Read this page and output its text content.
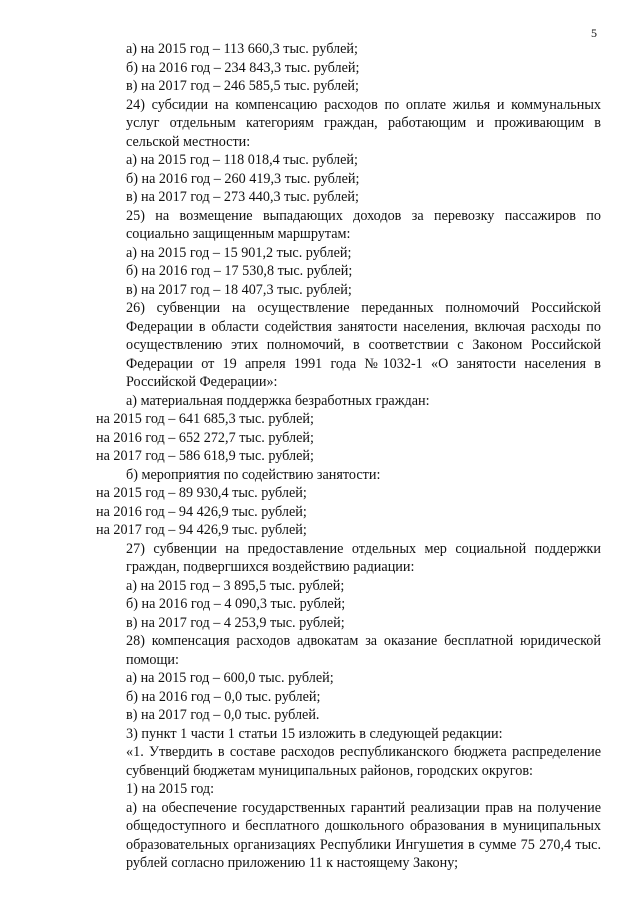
5
а) на 2015 год – 113 660,3 тыс. рублей;
б) на 2016 год – 234 843,3 тыс. рублей;
в) на 2017 год – 246 585,5 тыс. рублей;
24) субсидии на компенсацию расходов по оплате жилья и коммунальных услуг отдельным категориям граждан, работающим и проживающим в сельской местности:
а) на 2015 год – 118 018,4 тыс. рублей;
б) на 2016 год – 260 419,3 тыс. рублей;
в) на 2017 год – 273 440,3 тыс. рублей;
25) на возмещение выпадающих доходов за перевозку пассажиров по социально защищенным маршрутам:
а) на 2015 год – 15 901,2 тыс. рублей;
б) на 2016 год – 17 530,8 тыс. рублей;
в) на 2017 год – 18 407,3 тыс. рублей;
26) субвенции на осуществление переданных полномочий Российской Федерации в области содействия занятости населения, включая расходы по осуществлению этих полномочий, в соответствии с Законом Российской Федерации от 19 апреля 1991 года №1032-1 «О занятости населения в Российской Федерации»:
а) материальная поддержка безработных граждан:
на 2015 год – 641 685,3 тыс. рублей;
на 2016 год – 652 272,7 тыс. рублей;
на 2017 год – 586 618,9 тыс. рублей;
б) мероприятия по содействию занятости:
на 2015 год – 89 930,4 тыс. рублей;
на 2016 год – 94 426,9 тыс. рублей;
на 2017 год – 94 426,9 тыс. рублей;
27) субвенции на предоставление отдельных мер социальной поддержки граждан, подвергшихся воздействию радиации:
а) на 2015 год – 3 895,5 тыс. рублей;
б) на 2016 год – 4 090,3 тыс. рублей;
в) на 2017 год – 4 253,9 тыс. рублей;
28) компенсация расходов адвокатам за оказание бесплатной юридической помощи:
а) на 2015 год – 600,0 тыс. рублей;
б) на 2016 год – 0,0 тыс. рублей;
в) на 2017 год – 0,0 тыс. рублей.
3) пункт 1 части 1 статьи 15 изложить в следующей редакции:
«1. Утвердить в составе расходов республиканского бюджета распределение субвенций бюджетам муниципальных районов, городских округов:
1) на 2015 год:
а) на обеспечение государственных гарантий реализации прав на получение общедоступного и бесплатного дошкольного образования в муниципальных образовательных организациях Республики Ингушетия в сумме 75 270,4 тыс. рублей согласно приложению 11 к настоящему Закону;
